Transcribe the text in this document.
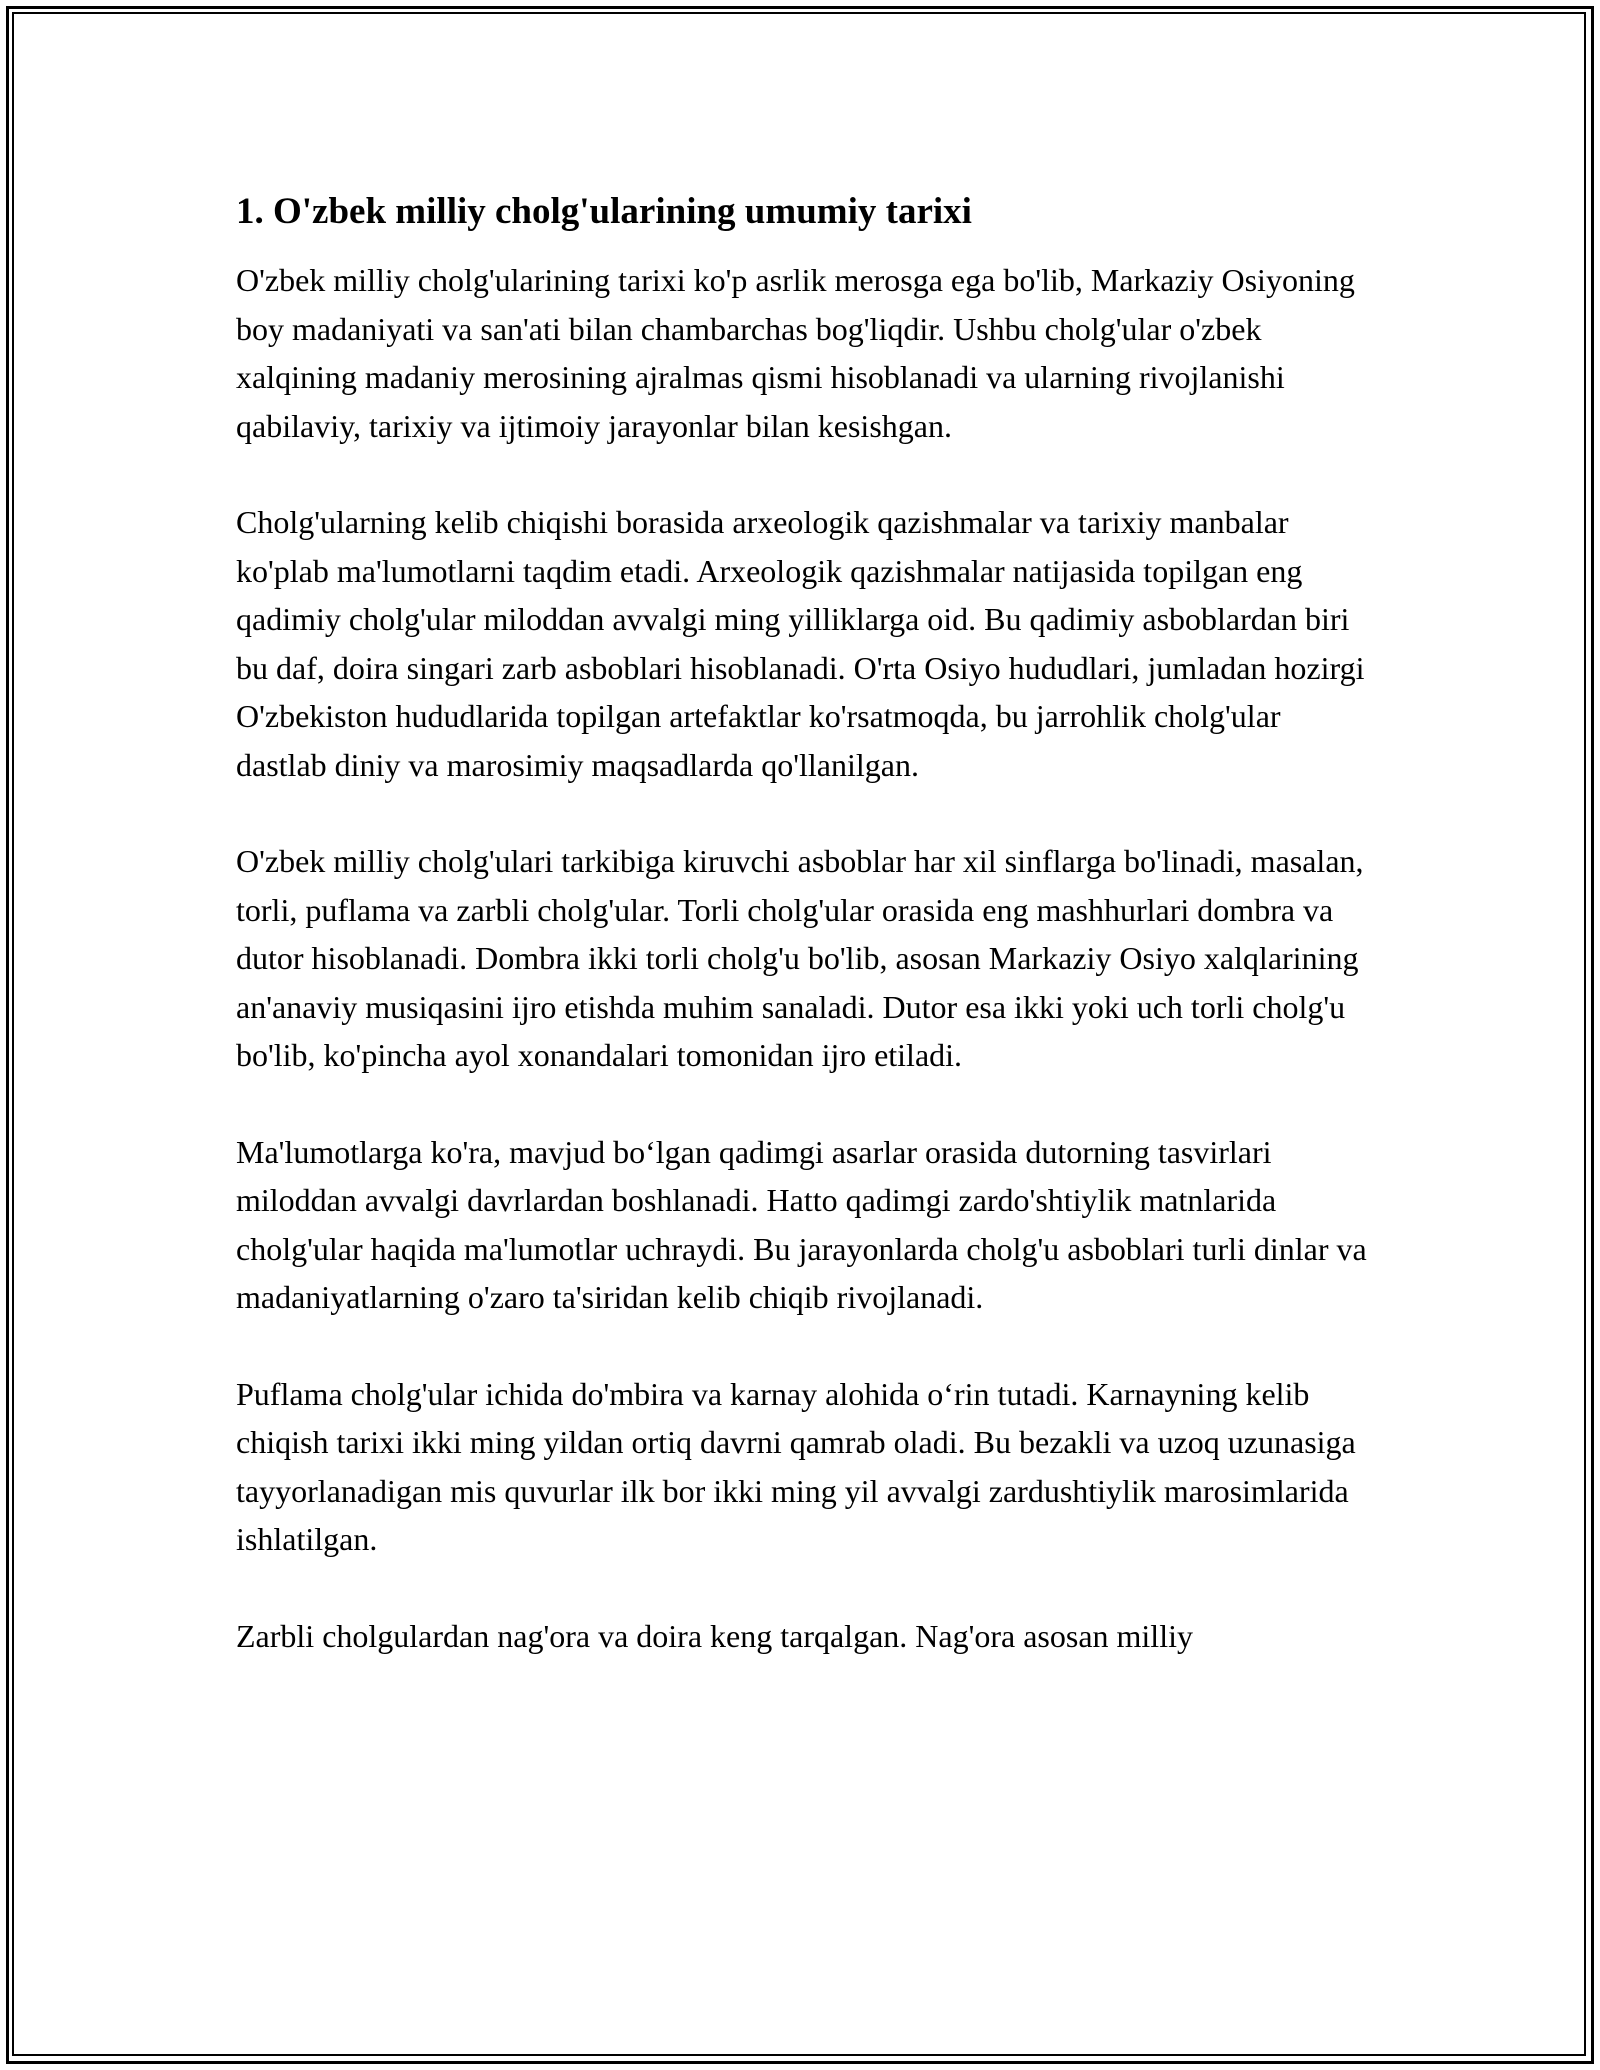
1. O'zbek milliy cholg'ularining umumiy tarixi

O'zbek milliy cholg'ularining tarixi ko'p asrlik merosga ega bo'lib, Markaziy Osiyoning boy madaniyati va san'ati bilan chambarchas bog'liqdir. Ushbu cholg'ular o'zbek xalqining madaniy merosining ajralmas qismi hisoblanadi va ularning rivojlanishi qabilaviy, tarixiy va ijtimoiy jarayonlar bilan kesishgan.

Cholg'ularning kelib chiqishi borasida arxeologik qazishmalar va tarixiy manbalar ko'plab ma'lumotlarni taqdim etadi. Arxeologik qazishmalar natijasida topilgan eng qadimiy cholg'ular miloddan avvalgi ming yilliklarga oid. Bu qadimiy asboblardan biri bu daf, doira singari zarb asboblari hisoblanadi. O'rta Osiyo hududlari, jumladan hozirgi O'zbekiston hududlarida topilgan artefaktlar ko'rsatmoqda, bu jarrohlik cholg'ular dastlab diniy va marosimiy maqsadlarda qo'llanilgan.

O'zbek milliy cholg'ulari tarkibiga kiruvchi asboblar har xil sinflarga bo'linadi, masalan, torli, puflama va zarbli cholg'ular. Torli cholg'ular orasida eng mashhurlari dombra va dutor hisoblanadi. Dombra ikki torli cholg'u bo'lib, asosan Markaziy Osiyo xalqlarining an'anaviy musiqasini ijro etishda muhim sanaladi. Dutor esa ikki yoki uch torli cholg'u bo'lib, ko'pincha ayol xonandalari tomonidan ijro etiladi.

Ma'lumotlarga ko'ra, mavjud bo‘lgan qadimgi asarlar orasida dutorning tasvirlari miloddan avvalgi davrlardan boshlanadi. Hatto qadimgi zardo'shtiylik matnlarida cholg'ular haqida ma'lumotlar uchraydi. Bu jarayonlarda cholg'u asboblari turli dinlar va madaniyatlarning o'zaro ta'siridan kelib chiqib rivojlanadi.

Puflama cholg'ular ichida do'mbira va karnay alohida o‘rin tutadi. Karnayning kelib chiqish tarixi ikki ming yildan ortiq davrni qamrab oladi. Bu bezakli va uzoq uzunasiga tayyorlanadigan mis quvurlar ilk bor ikki ming yil avvalgi zardushtiylik marosimlarida ishlatilgan.

Zarbli cholgulardan nag'ora va doira keng tarqalgan. Nag'ora asosan milliy
